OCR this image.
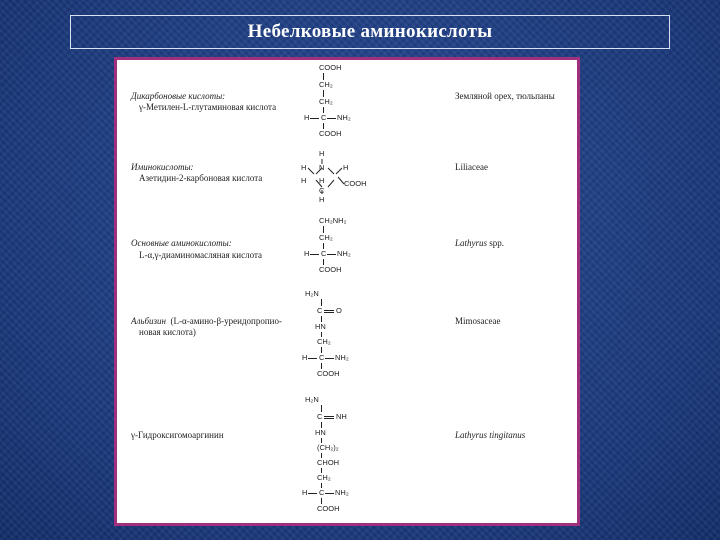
Небелковые аминокислоты
Дикарбоновые кислоты:
γ-Метилен-L-глутаминовая кислота
Земляной орех, тюльпаны
COOH
CH₂
CH₂
H C NH₂
COOH
Иминокислоты:
Азетидин-2-карбоновая кислота
Liliaceae
H
N
H	H
H H
C
COOH
H
Основные аминокислоты:
L-α,γ-диаминомасляная кислота
Lathyrus spp.
CH₂NH₂
CH₂
H C NH₂
COOH
Альбизин (L-α-амино-β-уреидопропио-
новая кислота)
Mimosaceae
H₂N
C O
HN
CH₂
H C NH₂
COOH
γ-Гидроксигомоаргинин	Lathyrus tingitanus
H₂N
C NH
HN
(CH₂)₂
CHOH
CH₂
H C NH₂
COOH
